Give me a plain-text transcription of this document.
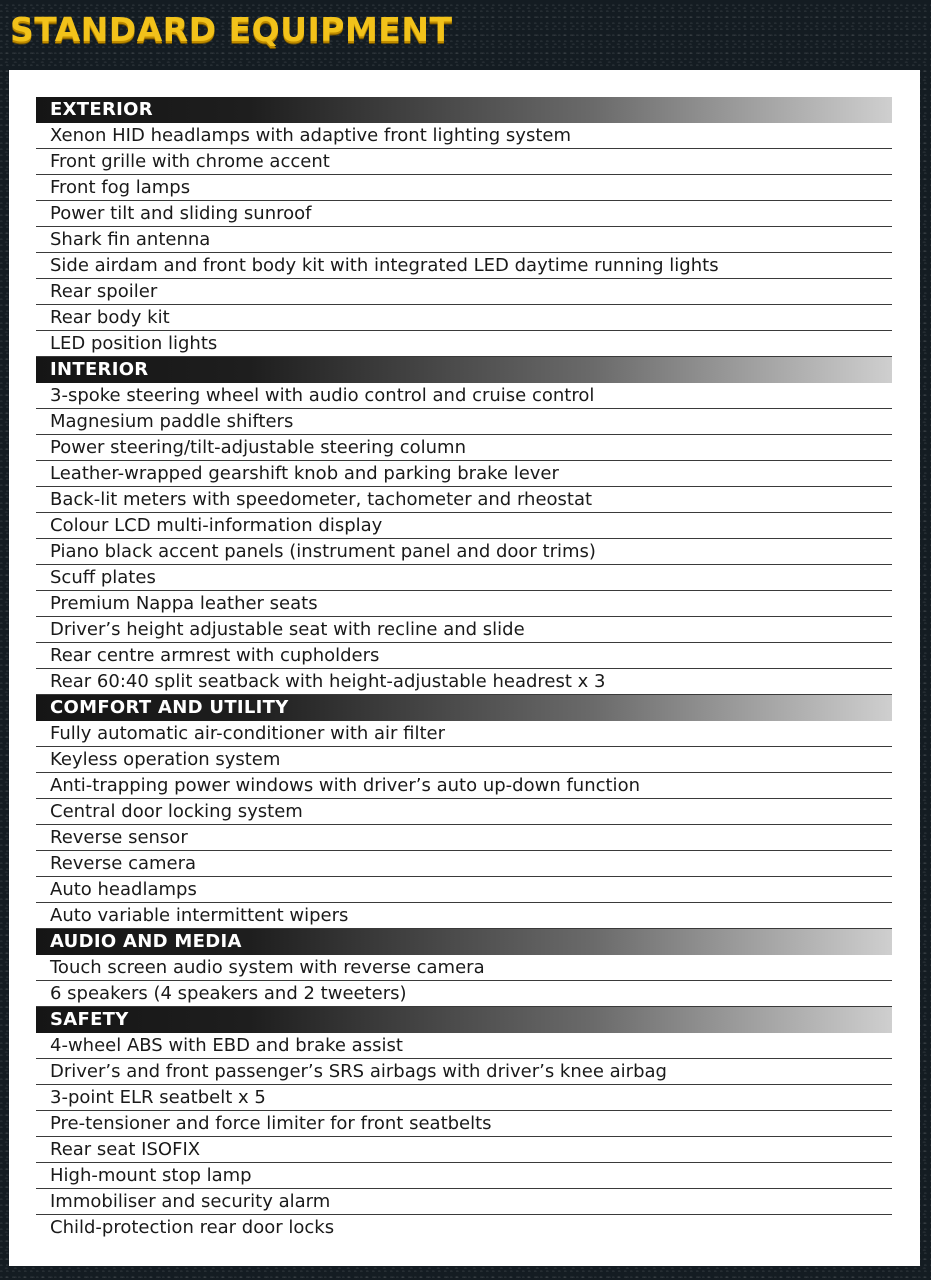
STANDARD EQUIPMENT
EXTERIOR
Xenon HID headlamps with adaptive front lighting system
Front grille with chrome accent
Front fog lamps
Power tilt and sliding sunroof
Shark fin antenna
Side airdam and front body kit with integrated LED daytime running lights
Rear spoiler
Rear body kit
LED position lights
INTERIOR
3-spoke steering wheel with audio control and cruise control
Magnesium paddle shifters
Power steering/tilt-adjustable steering column
Leather-wrapped gearshift knob and parking brake lever
Back-lit meters with speedometer, tachometer and rheostat
Colour LCD multi-information display
Piano black accent panels (instrument panel and door trims)
Scuff plates
Premium Nappa leather seats
Driver’s height adjustable seat with recline and slide
Rear centre armrest with cupholders
Rear 60:40 split seatback with height-adjustable headrest x 3
COMFORT AND UTILITY
Fully automatic air-conditioner with air filter
Keyless operation system
Anti-trapping power windows with driver’s auto up-down function
Central door locking system
Reverse sensor
Reverse camera
Auto headlamps
Auto variable intermittent wipers
AUDIO AND MEDIA
Touch screen audio system with reverse camera
6 speakers (4 speakers and 2 tweeters)
SAFETY
4-wheel ABS with EBD and brake assist
Driver’s and front passenger’s SRS airbags with driver’s knee airbag
3-point ELR seatbelt x 5
Pre-tensioner and force limiter for front seatbelts
Rear seat ISOFIX
High-mount stop lamp
Immobiliser and security alarm
Child-protection rear door locks
